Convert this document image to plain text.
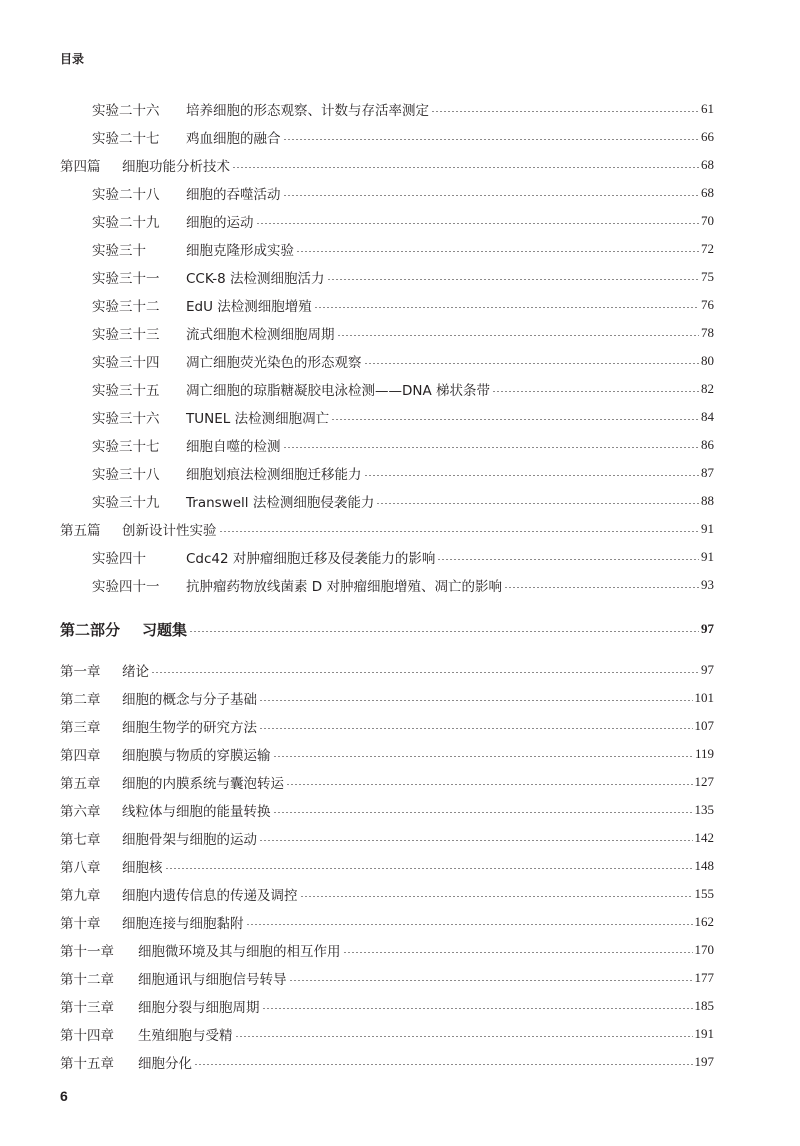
目录
实验二十六	培养细胞的形态观察、计数与存活率测定	61
实验二十七	鸡血细胞的融合	66
第四篇	细胞功能分析技术	68
实验二十八	细胞的吞噬活动	68
实验二十九	细胞的运动	70
实验三十	细胞克隆形成实验	72
实验三十一	CCK-8 法检测细胞活力	75
实验三十二	EdU 法检测细胞增殖	76
实验三十三	流式细胞术检测细胞周期	78
实验三十四	凋亡细胞荧光染色的形态观察	80
实验三十五	凋亡细胞的琼脂糖凝胶电泳检测——DNA 梯状条带	82
实验三十六	TUNEL 法检测细胞凋亡	84
实验三十七	细胞自噬的检测	86
实验三十八	细胞划痕法检测细胞迁移能力	87
实验三十九	Transwell 法检测细胞侵袭能力	88
第五篇	创新设计性实验	91
实验四十	Cdc42 对肿瘤细胞迁移及侵袭能力的影响	91
实验四十一	抗肿瘤药物放线菌素 D 对肿瘤细胞增殖、凋亡的影响	93
第二部分	习题集	97
第一章	绪论	97
第二章	细胞的概念与分子基础	101
第三章	细胞生物学的研究方法	107
第四章	细胞膜与物质的穿膜运输	119
第五章	细胞的内膜系统与囊泡转运	127
第六章	线粒体与细胞的能量转换	135
第七章	细胞骨架与细胞的运动	142
第八章	细胞核	148
第九章	细胞内遗传信息的传递及调控	155
第十章	细胞连接与细胞黏附	162
第十一章	细胞微环境及其与细胞的相互作用	170
第十二章	细胞通讯与细胞信号转导	177
第十三章	细胞分裂与细胞周期	185
第十四章	生殖细胞与受精	191
第十五章	细胞分化	197
6
